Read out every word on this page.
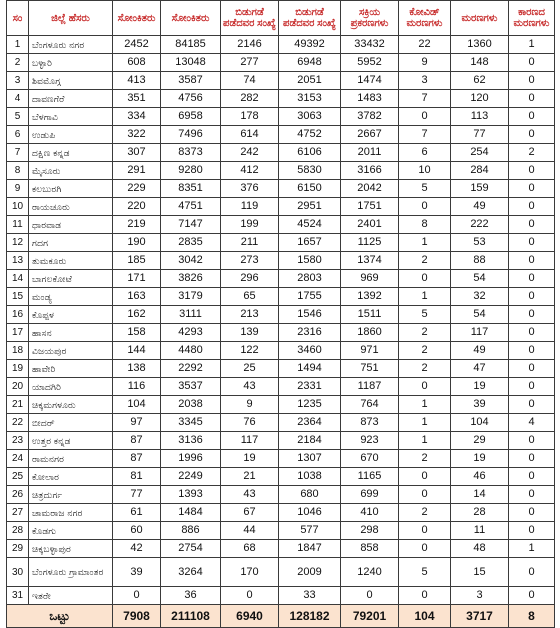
ಸಂ	ಜಿಲ್ಲೆ ಹೆಸರು	ಸೋಂಕಿತರು	ಸೋಂಕಿತರು	ಬಿಡುಗಡೆ ಪಡೆದವರ ಸಂಖ್ಯೆ	ಬಿಡುಗಡೆ ಪಡೆದವರ ಸಂಖ್ಯೆ	ಸಕ್ರಿಯ ಪ್ರಕರಣಗಳು	ಕೋವಿಡ್ ಮರಣಗಳು	ಮರಣಗಳು	ಕಾರಣದ ಮರಣಗಳು
1	ಬೆಂಗಳೂರು ನಗರ	2452	84185	2146	49392	33432	22	1360	1
2	ಬಳ್ಳಾರಿ	608	13048	277	6948	5952	9	148	0
3	ಶಿವಮೊಗ್ಗ	413	3587	74	2051	1474	3	62	0
4	ದಾವಣಗೆರೆ	351	4756	282	3153	1483	7	120	0
5	ಬೆಳಗಾವಿ	334	6958	178	3063	3782	0	113	0
6	ಉಡುಪಿ	322	7496	614	4752	2667	7	77	0
7	ದಕ್ಷಿಣ ಕನ್ನಡ	307	8373	242	6106	2011	6	254	2
8	ಮೈಸೂರು	291	9280	412	5830	3166	10	284	0
9	ಕಲಬುರಗಿ	229	8351	376	6150	2042	5	159	0
10	ರಾಯಚೂರು	220	4751	119	2951	1751	0	49	0
11	ಧಾರವಾಡ	219	7147	199	4524	2401	8	222	0
12	ಗದಗ	190	2835	211	1657	1125	1	53	0
13	ತುಮಕೂರು	185	3042	273	1580	1374	2	88	0
14	ಬಾಗಲಕೋಟೆ	171	3826	296	2803	969	0	54	0
15	ಮಂಡ್ಯ	163	3179	65	1755	1392	1	32	0
16	ಕೊಪ್ಪಳ	162	3111	213	1546	1511	5	54	0
17	ಹಾಸನ	158	4293	139	2316	1860	2	117	0
18	ವಿಜಯಪುರ	144	4480	122	3460	971	2	49	0
19	ಹಾವೇರಿ	138	2292	25	1494	751	2	47	0
20	ಯಾದಗಿರಿ	116	3537	43	2331	1187	0	19	0
21	ಚಿಕ್ಕಮಗಳೂರು	104	2038	9	1235	764	1	39	0
22	ಬೀದರ್	97	3345	76	2364	873	1	104	4
23	ಉತ್ತರ ಕನ್ನಡ	87	3136	117	2184	923	1	29	0
24	ರಾಮನಗರ	87	1996	19	1307	670	2	19	0
25	ಕೋಲಾರ	81	2249	21	1038	1165	0	46	0
26	ಚಿತ್ರದುರ್ಗ	77	1393	43	680	699	0	14	0
27	ಚಾಮರಾಜ ನಗರ	61	1484	67	1046	410	2	28	0
28	ಕೊಡಗು	60	886	44	577	298	0	11	0
29	ಚಿಕ್ಕಬಳ್ಳಾಪುರ	42	2754	68	1847	858	0	48	1
30	ಬೆಂಗಳೂರು ಗ್ರಾಮಾಂತರ	39	3264	170	2009	1240	5	15	0
31	ಇತರೇ	0	36	0	33	0	0	3	0
ಒಟ್ಟು		7908	211108	6940	128182	79201	104	3717	8
